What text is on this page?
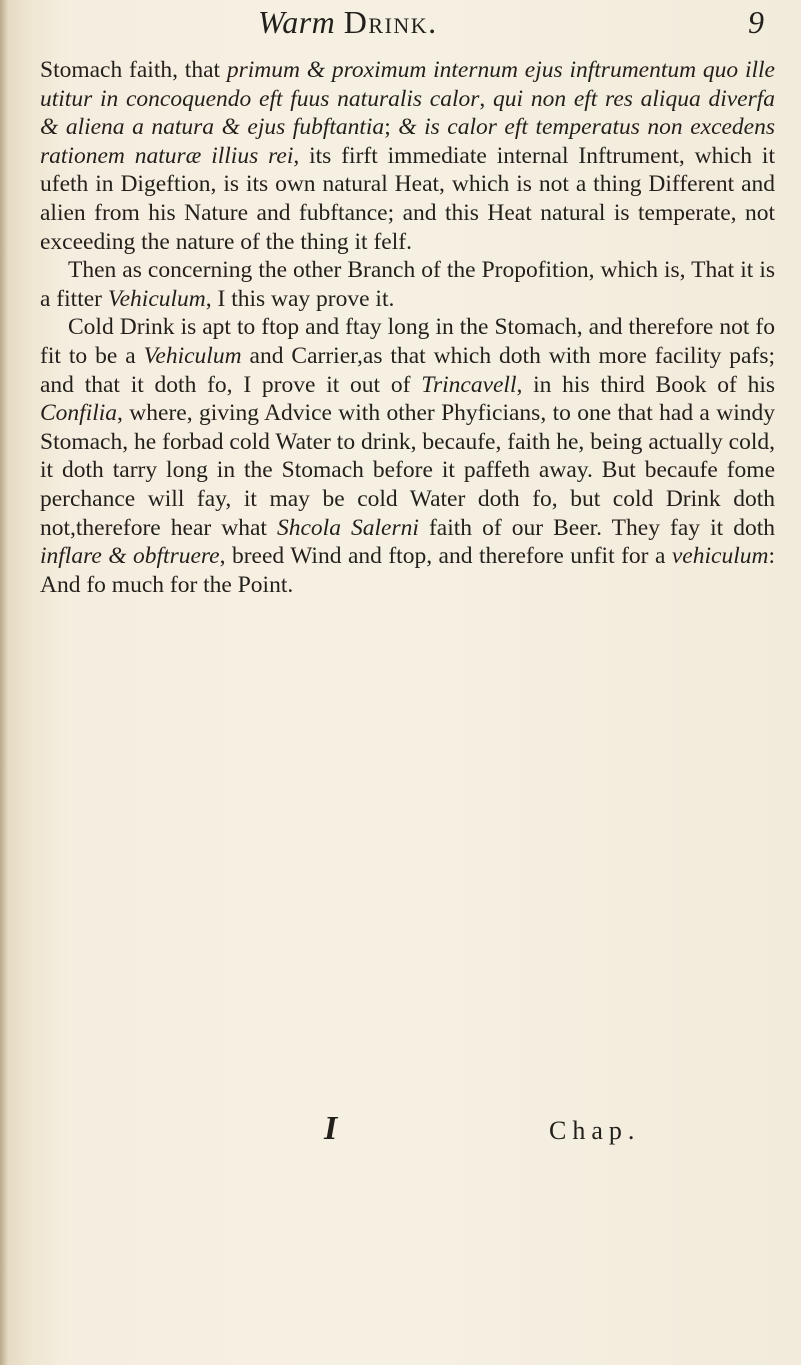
Warm Drink.	9

Stomach faith, that primum & proximum internum ejus inftrumentum quo ille utitur in concoquendo eft fuus naturalis calor, qui non eft res aliqua diverfa & aliena a natura & ejus fubftantia; & is calor eft temperatus non excedens rationem naturæ illius rei, its firft immediate internal Inftrument, which it ufeth in Digeftion, is its own natural Heat, which is not a thing Different and alien from his Nature and fubftance; and this Heat natural is temperate, not exceeding the nature of the thing it felf.

Then as concerning the other Branch of the Propofition, which is, That it is a fitter Vehiculum, I this way prove it.

Cold Drink is apt to ftop and ftay long in the Stomach, and therefore not fo fit to be a Vehiculum and Carrier,as that which doth with more facility pafs; and that it doth fo, I prove it out of Trincavell, in his third Book of his Confilia, where, giving Advice with other Phyficians, to one that had a windy Stomach, he forbad cold Water to drink, becaufe, faith he, being actually cold, it doth tarry long in the Stomach before it paffeth away. But becaufe fome perchance will fay, it may be cold Water doth fo, but cold Drink doth not,therefore hear what Shcola Salerni faith of our Beer. They fay it doth inflare & obftruere, breed Wind and ftop, and therefore unfit for a vehiculum: And fo much for the Point.

I	Chap.
